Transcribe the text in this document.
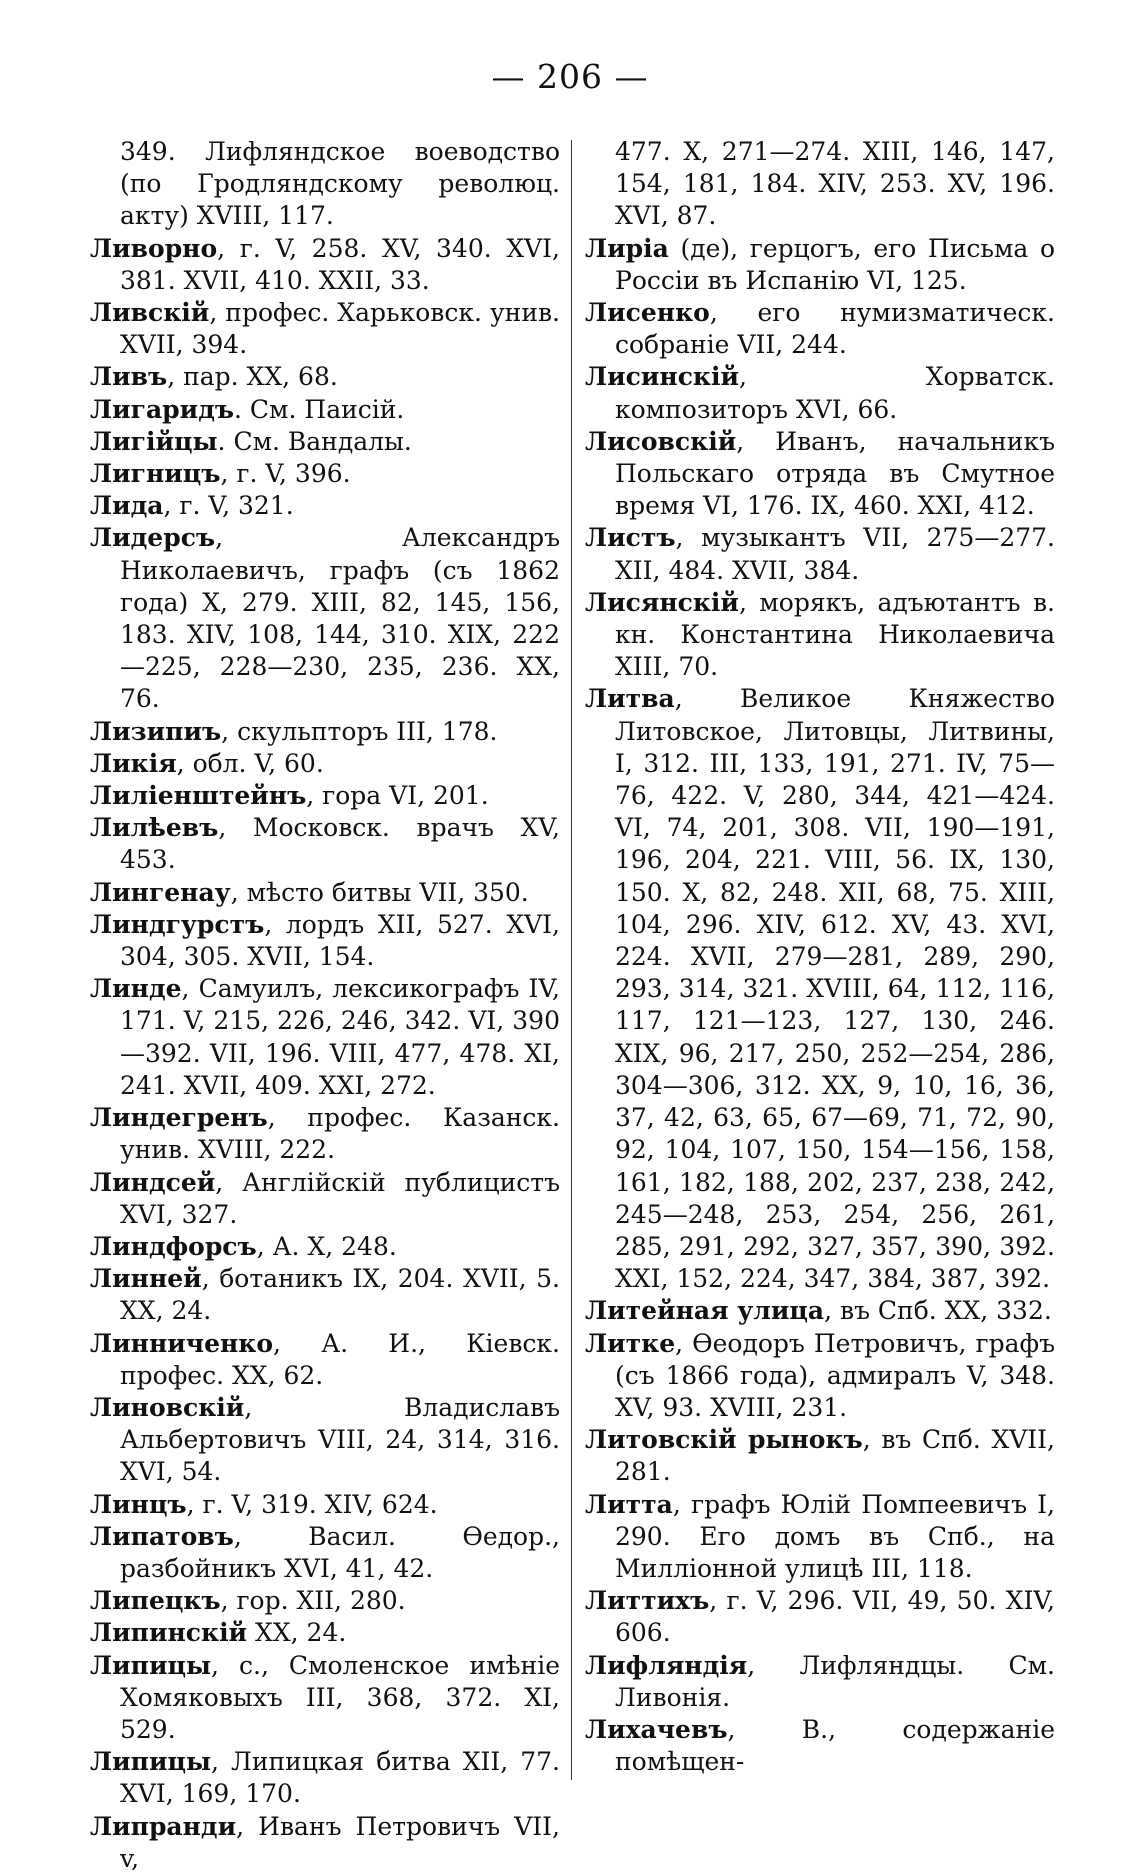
— 206 —

349. Лифляндское воеводство (по Гродляндскому революц. акту) XVIII, 117.

Ливорно, г. V, 258. XV, 340. XVI, 381. XVII, 410. XXII, 33.

Ливскій, профес. Харьковск. унив. XVII, 394.

Ливъ, пар. XX, 68.

Лигаридъ. См. Паисій.

Лигійцы. См. Вандалы.

Лигницъ, г. V, 396.

Лида, г. V, 321.

Лидерсъ, Александръ Николаевичъ, графъ (съ 1862 года) X, 279. XIII, 82, 145, 156, 183. XIV, 108, 144, 310. XIX, 222—225, 228—230, 235, 236. XX, 76.

Лизипиъ, скульпторъ III, 178.

Ликія, обл. V, 60.

Лиліенштейнъ, гора VI, 201.

Лилѣевъ, Московск. врачъ XV, 453.

Лингенау, мѣсто битвы VII, 350.

Линдгурстъ, лордъ XII, 527. XVI, 304, 305. XVII, 154.

Линде, Самуилъ, лексикографъ IV, 171. V, 215, 226, 246, 342. VI, 390—392. VII, 196. VIII, 477, 478. XI, 241. XVII, 409. XXI, 272.

Линдегренъ, профес. Казанск. унив. XVIII, 222.

Линдсей, Англійскій публицистъ XVI, 327.

Линдфорсъ, А. X, 248.

Линней, ботаникъ IX, 204. XVII, 5. XX, 24.

Линниченко, А. И., Кіевск. профес. XX, 62.

Линовскій, Владиславъ Альбертовичъ VIII, 24, 314, 316. XVI, 54.

Линцъ, г. V, 319. XIV, 624.

Липатовъ, Васил. Ѳедор., разбойникъ XVI, 41, 42.

Липецкъ, гор. XII, 280.

Липинскій XX, 24.

Липицы, с., Смоленское имѣніе Хомяковыхъ III, 368, 372. XI, 529.

Липицы, Липицкая битва XII, 77. XVI, 169, 170.

Липранди, Иванъ Петровичъ VII, v,

477. X, 271—274. XIII, 146, 147, 154, 181, 184. XIV, 253. XV, 196. XVI, 87.

Лиріа (де), герцогъ, его Письма о Россіи въ Испанію VI, 125.

Лисенко, его нумизматическ. собраніе VII, 244.

Лисинскій, Хорватск. композиторъ XVI, 66.

Лисовскій, Иванъ, начальникъ Польскаго отряда въ Смутное время VI, 176. IX, 460. XXI, 412.

Листъ, музыкантъ VII, 275—277. XII, 484. XVII, 384.

Лисянскій, морякъ, адъютантъ в. кн. Константина Николаевича XIII, 70.

Литва, Великое Княжество Литовское, Литовцы, Литвины, I, 312. III, 133, 191, 271. IV, 75—76, 422. V, 280, 344, 421—424. VI, 74, 201, 308. VII, 190—191, 196, 204, 221. VIII, 56. IX, 130, 150. X, 82, 248. XII, 68, 75. XIII, 104, 296. XIV, 612. XV, 43. XVI, 224. XVII, 279—281, 289, 290, 293, 314, 321. XVIII, 64, 112, 116, 117, 121—123, 127, 130, 246. XIX, 96, 217, 250, 252—254, 286, 304—306, 312. XX, 9, 10, 16, 36, 37, 42, 63, 65, 67—69, 71, 72, 90, 92, 104, 107, 150, 154—156, 158, 161, 182, 188, 202, 237, 238, 242, 245—248, 253, 254, 256, 261, 285, 291, 292, 327, 357, 390, 392. XXI, 152, 224, 347, 384, 387, 392.

Литейная улица, въ Спб. XX, 332.

Литке, Ѳеодоръ Петровичъ, графъ (съ 1866 года), адмиралъ V, 348. XV, 93. XVIII, 231.

Литовскій рынокъ, въ Спб. XVII, 281.

Литта, графъ Юлій Помпеевичъ I, 290. Его домъ въ Спб., на Милліонной улицѣ III, 118.

Литтихъ, г. V, 296. VII, 49, 50. XIV, 606.

Лифляндія, Лифляндцы. См. Ливонія.

Лихачевъ, В., содержаніе помѣщен-
